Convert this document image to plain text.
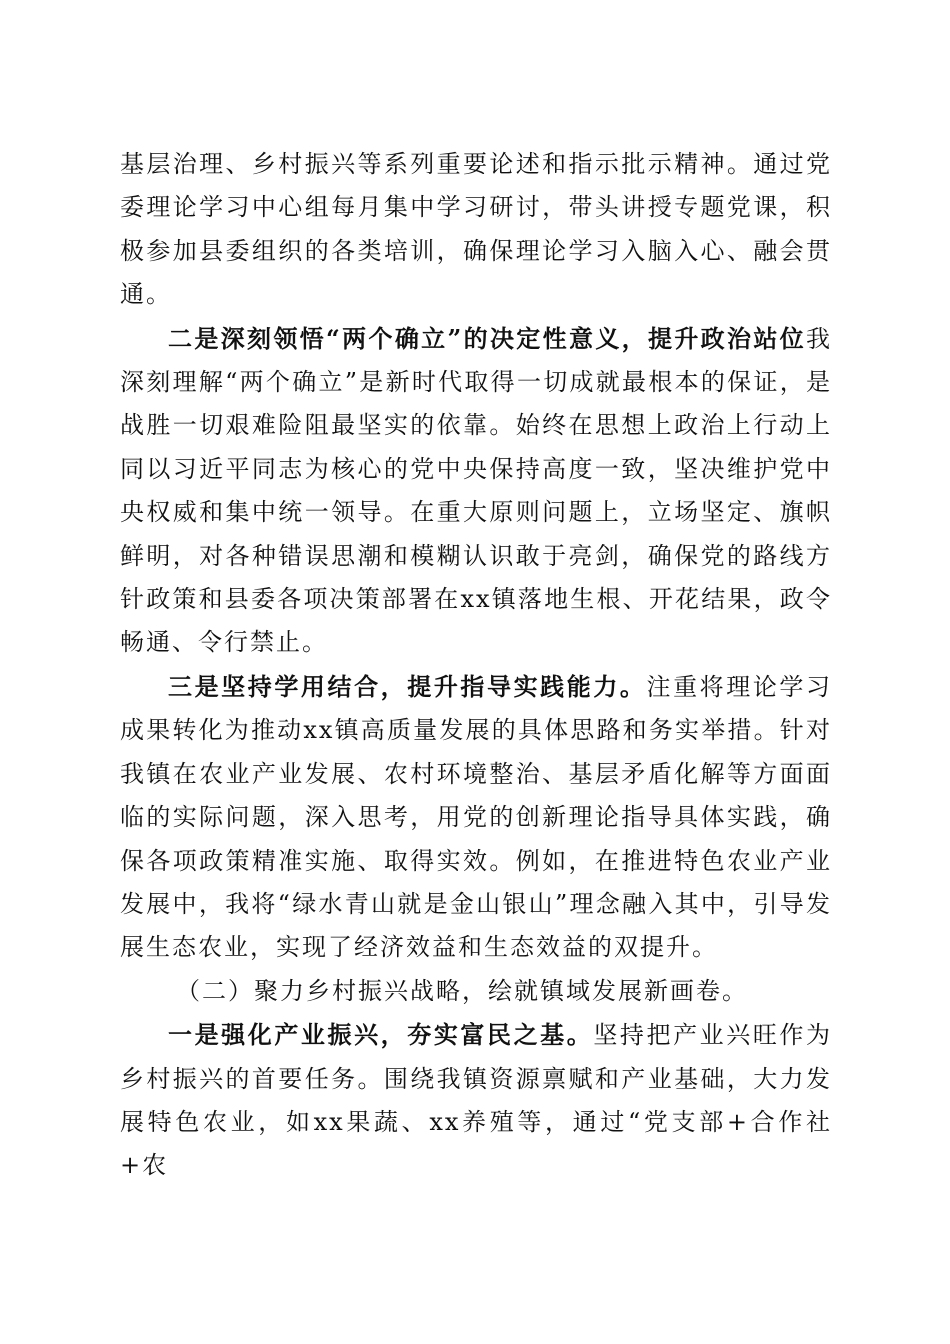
基层治理、乡村振兴等系列重要论述和指示批示精神。通过党委理论学习中心组每月集中学习研讨，带头讲授专题党课，积极参加县委组织的各类培训，确保理论学习入脑入心、融会贯通。

二是深刻领悟“两个确立”的决定性意义，提升政治站位我深刻理解“两个确立”是新时代取得一切成就最根本的保证，是战胜一切艰难险阻最坚实的依靠。始终在思想上政治上行动上同以习近平同志为核心的党中央保持高度一致，坚决维护党中央权威和集中统一领导。在重大原则问题上，立场坚定、旗帜鲜明，对各种错误思潮和模糊认识敢于亮剑，确保党的路线方针政策和县委各项决策部署在xx镇落地生根、开花结果，政令畅通、令行禁止。

三是坚持学用结合，提升指导实践能力。注重将理论学习成果转化为推动xx镇高质量发展的具体思路和务实举措。针对我镇在农业产业发展、农村环境整治、基层矛盾化解等方面面临的实际问题，深入思考，用党的创新理论指导具体实践，确保各项政策精准实施、取得实效。例如，在推进特色农业产业发展中，我将“绿水青山就是金山银山”理念融入其中，引导发展生态农业，实现了经济效益和生态效益的双提升。

（二）聚力乡村振兴战略，绘就镇域发展新画卷。

一是强化产业振兴，夯实富民之基。坚持把产业兴旺作为乡村振兴的首要任务。围绕我镇资源禀赋和产业基础，大力发展特色农业，如xx果蔬、xx养殖等，通过“党支部+合作社+农
